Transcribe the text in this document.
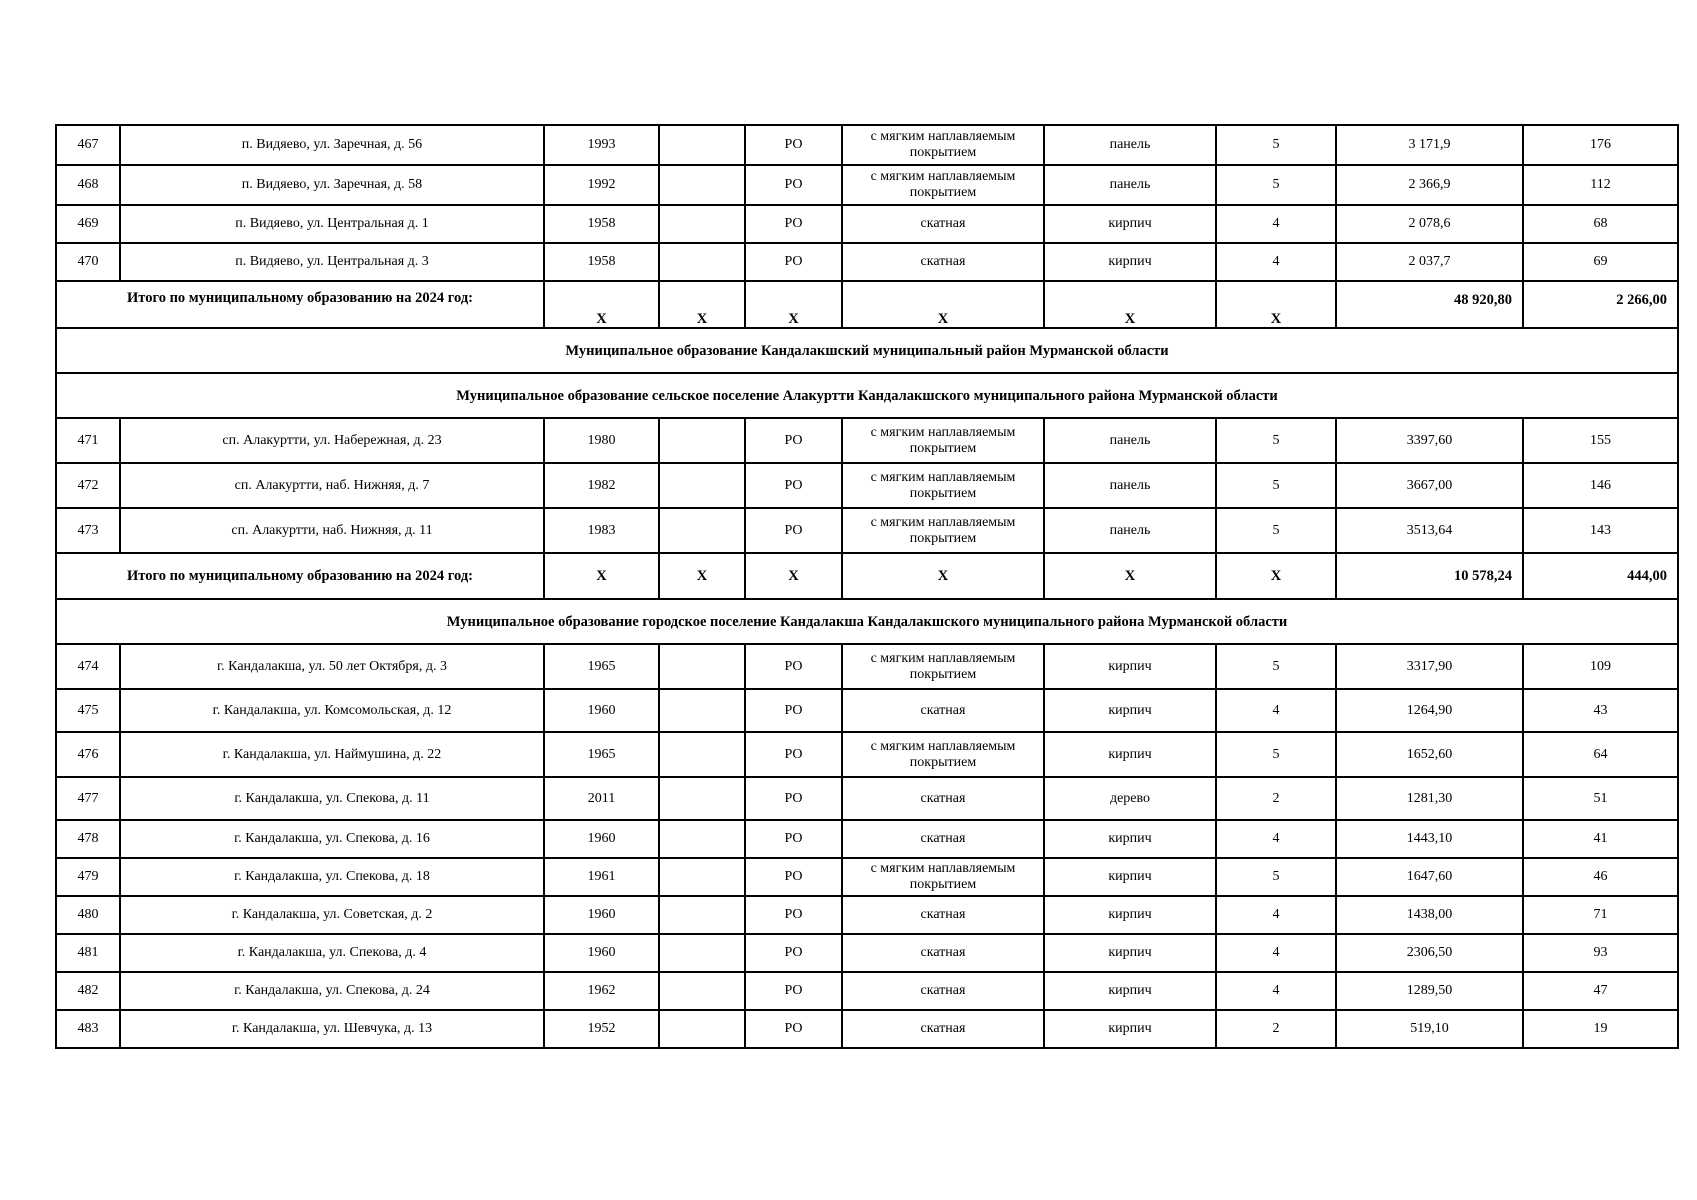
467	п. Видяево, ул. Заречная, д. 56	1993		РО	с мягким наплавляемым покрытием	панель	5	3 171,9	176
468	п. Видяево, ул. Заречная, д. 58	1992		РО	с мягким наплавляемым покрытием	панель	5	2 366,9	112
469	п. Видяево, ул. Центральная д. 1	1958		РО	скатная	кирпич	4	2 078,6	68
470	п. Видяево, ул. Центральная д. 3	1958		РО	скатная	кирпич	4	2 037,7	69
Итого по муниципальному образованию на 2024 год:		X	X	X	X	X	X	48 920,80	2 266,00
Муниципальное образование Кандалакшский муниципальный район Мурманской области									
Муниципальное образование сельское поселение Алакуртти Кандалакшского муниципального района Мурманской области									
471	сп. Алакуртти, ул. Набережная, д. 23	1980		РО	с мягким наплавляемым покрытием	панель	5	3397,60	155
472	сп. Алакуртти, наб. Нижняя, д. 7	1982		РО	с мягким наплавляемым покрытием	панель	5	3667,00	146
473	сп. Алакуртти, наб. Нижняя, д. 11	1983		РО	с мягким наплавляемым покрытием	панель	5	3513,64	143
Итого по муниципальному образованию на 2024 год:		X	X	X	X	X	X	10 578,24	444,00
Муниципальное образование городское поселение Кандалакша Кандалакшского муниципального района Мурманской области									
474	г. Кандалакша, ул. 50 лет Октября, д. 3	1965		РО	с мягким наплавляемым покрытием	кирпич	5	3317,90	109
475	г. Кандалакша, ул. Комсомольская, д. 12	1960		РО	скатная	кирпич	4	1264,90	43
476	г. Кандалакша, ул. Наймушина, д. 22	1965		РО	с мягким наплавляемым покрытием	кирпич	5	1652,60	64
477	г. Кандалакша, ул. Спекова, д. 11	2011		РО	скатная	дерево	2	1281,30	51
478	г. Кандалакша, ул. Спекова, д. 16	1960		РО	скатная	кирпич	4	1443,10	41
479	г. Кандалакша, ул. Спекова, д. 18	1961		РО	с мягким наплавляемым покрытием	кирпич	5	1647,60	46
480	г. Кандалакша, ул. Советская, д. 2	1960		РО	скатная	кирпич	4	1438,00	71
481	г. Кандалакша, ул. Спекова, д. 4	1960		РО	скатная	кирпич	4	2306,50	93
482	г. Кандалакша, ул. Спекова, д. 24	1962		РО	скатная	кирпич	4	1289,50	47
483	г. Кандалакша, ул. Шевчука, д. 13	1952		РО	скатная	кирпич	2	519,10	19
